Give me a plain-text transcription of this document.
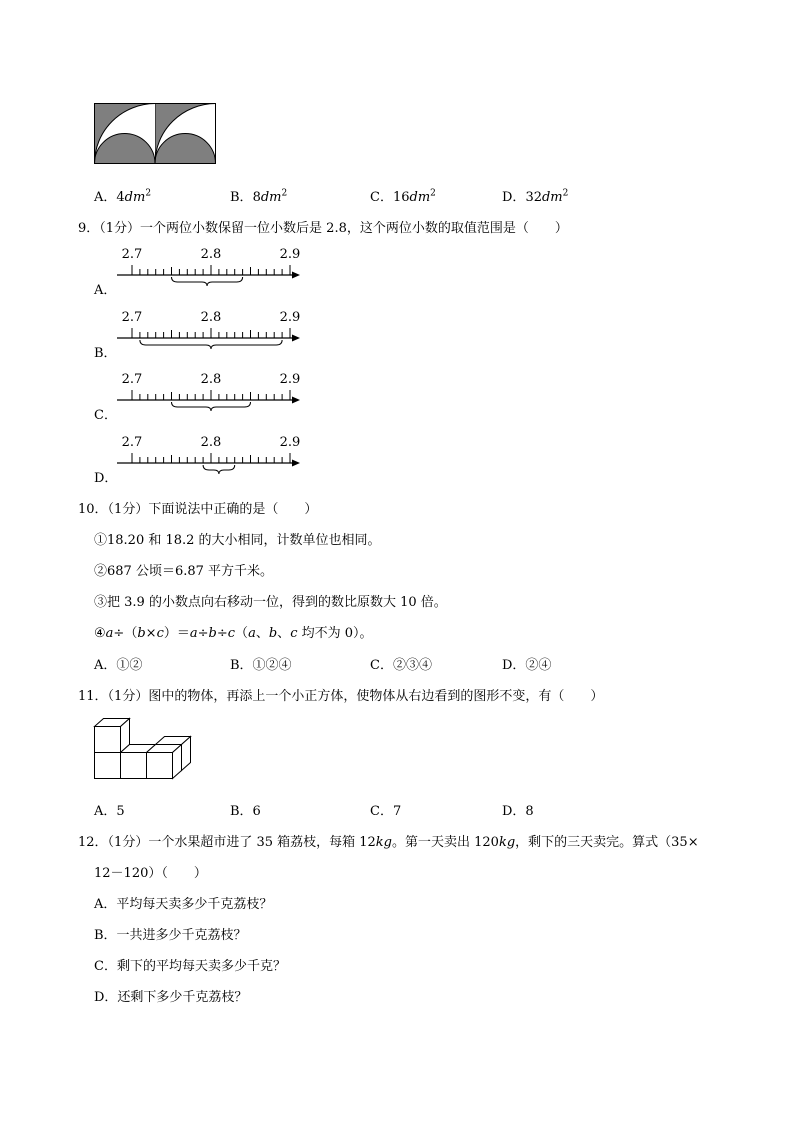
A．$4dm^2$	B．$8dm^2$	C．$16dm^2$	D．$32dm^2$
9．（1分）一个两位小数保留一位小数后是 2.8，这个两位小数的取值范围是（　　）
A．
B．
C．
D．
2.7	2.8	2.9
2.7	2.8	2.9
2.7	2.8	2.9
2.7	2.8	2.9
10．（1分）下面说法中正确的是（　　）
①18.20 和 18.2 的大小相同，计数单位也相同。
②687 公顷＝6.87 平方千米。
③把 3.9 的小数点向右移动一位，得到的数比原数大 10 倍。
④a÷（b×c）＝a÷b÷c（a、b、c 均不为 0）。
A．①②	B．①②④	C．②③④	D．②④
11．（1分）图中的物体，再添上一个小正方体，使物体从右边看到的图形不变，有（　　）
A．5	B．6	C．7	D．8
12．（1分）一个水果超市进了 35 箱荔枝，每箱 12kg。第一天卖出 120kg，剩下的三天卖完。算式（35×
12－120）（　　）
A．平均每天卖多少千克荔枝？
B．一共进多少千克荔枝？
C．剩下的平均每天卖多少千克？
D．还剩下多少千克荔枝？
